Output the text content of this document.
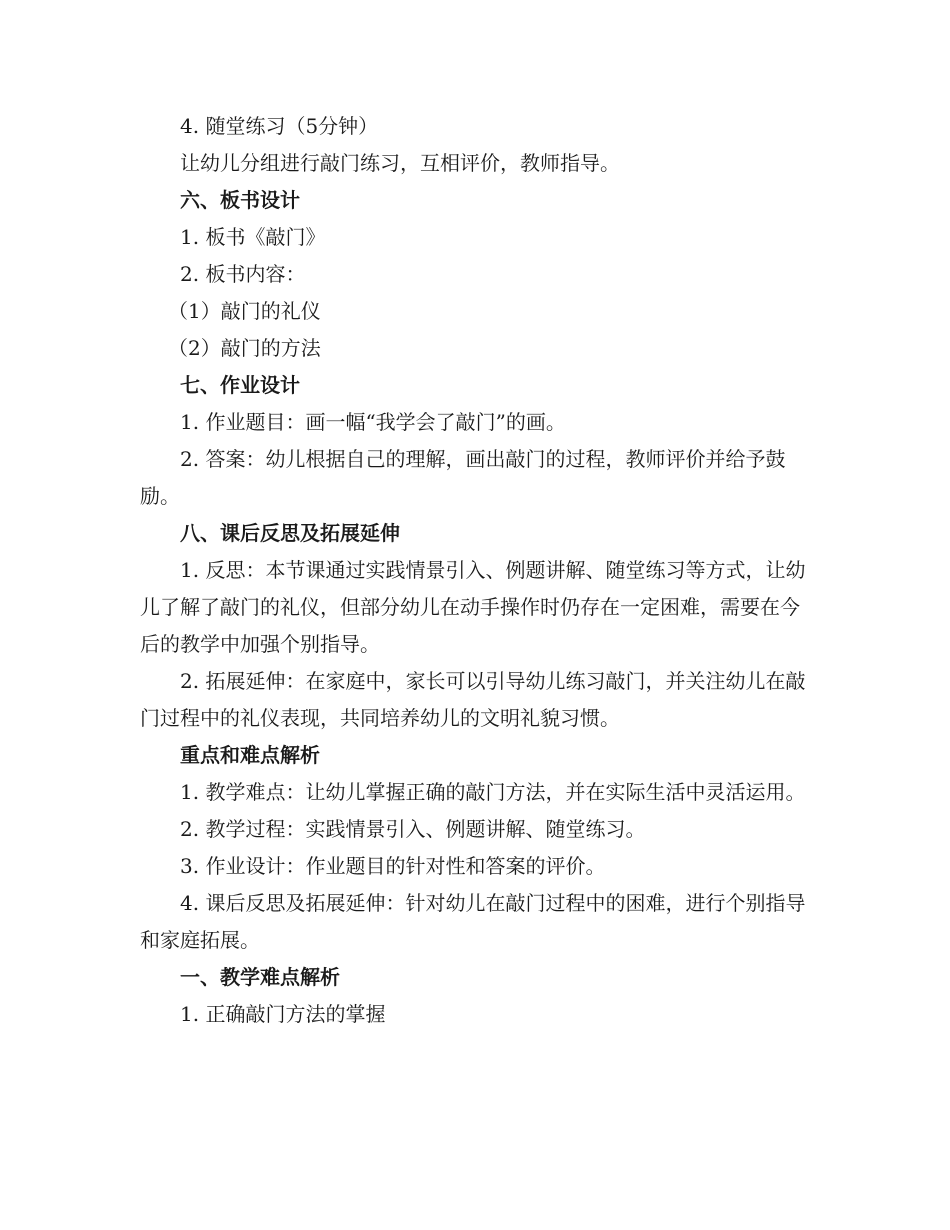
4. 随堂练习（5分钟）

让幼儿分组进行敲门练习，互相评价，教师指导。

六、板书设计

1. 板书《敲门》

2. 板书内容：

（1）敲门的礼仪

（2）敲门的方法

七、作业设计

1. 作业题目：画一幅“我学会了敲门”的画。

2. 答案：幼儿根据自己的理解，画出敲门的过程，教师评价并给予鼓励。

八、课后反思及拓展延伸

1. 反思：本节课通过实践情景引入、例题讲解、随堂练习等方式，让幼儿了解了敲门的礼仪，但部分幼儿在动手操作时仍存在一定困难，需要在今后的教学中加强个别指导。

2. 拓展延伸：在家庭中，家长可以引导幼儿练习敲门，并关注幼儿在敲门过程中的礼仪表现，共同培养幼儿的文明礼貌习惯。

重点和难点解析

1. 教学难点：让幼儿掌握正确的敲门方法，并在实际生活中灵活运用。

2. 教学过程：实践情景引入、例题讲解、随堂练习。

3. 作业设计：作业题目的针对性和答案的评价。

4. 课后反思及拓展延伸：针对幼儿在敲门过程中的困难，进行个别指导和家庭拓展。

一、教学难点解析

1. 正确敲门方法的掌握
